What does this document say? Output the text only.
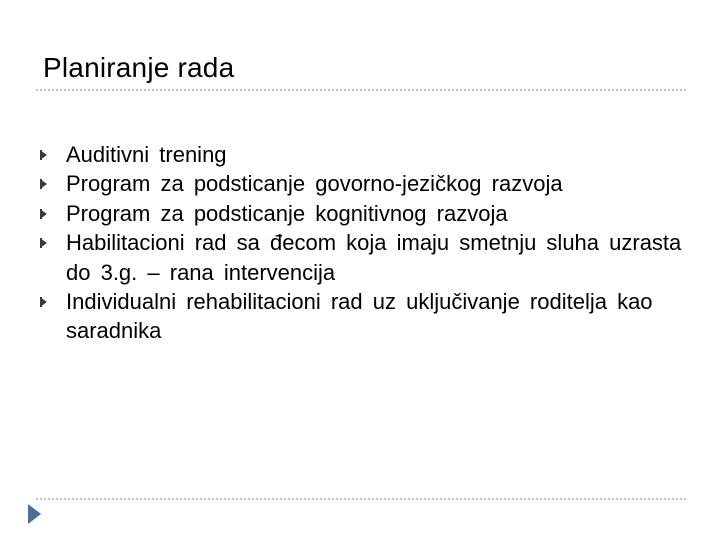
Planiranje rada
Auditivni trening
Program za podsticanje govorno-jezičkog razvoja
Program za podsticanje kognitivnog razvoja
Habilitacioni rad sa đecom koja imaju smetnju sluha uzrasta do 3.g. – rana intervencija
Individualni rehabilitacioni rad uz uključivanje roditelja kao saradnika
